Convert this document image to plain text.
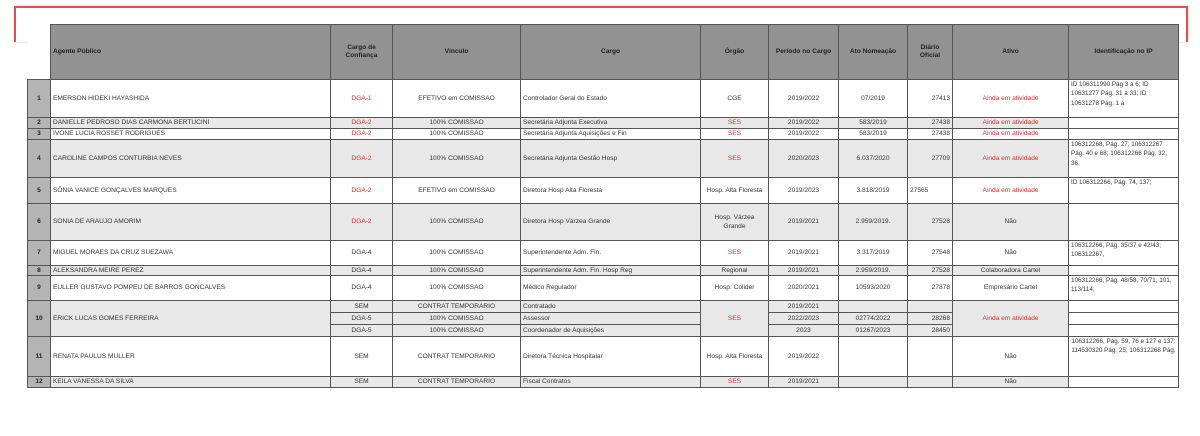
	Agente Público	Cargo de Confiança	Vínculo	Cargo	Órgão	Período no Cargo	Ato Nomeação	Diário Oficial	Ativo	Identificação no IP
1	EMERSON HIDEKI HAYASHIDA	DGA-1	EFETIVO em COMISSAO	Controlador Geral do Estado	CGE	2019/2022	07/2019	27413	Ainda em atividade	ID 106311990 Pág 3 a 6; ID 10631277 Pág. 31 a 33; ID 10631278 Pág. 1 a
2	DANIELLE PEDROSO DIAS CARMONA BERTUCINI	DGA-2	100% COMISSAO	Secretária Adjunta Executiva	SES	2019/2022	583/2019	27438	Ainda em atividade	
3	IVONE LUCIA ROSSET RODRIGUES	DGA-2	100% COMISSAO	Secretária Adjunta Aquisições e Fin	SES	2019/2022	583/2019	27438	Ainda em atividade	
4	CAROLINE CAMPOS CONTURBIA NEVES	DGA-2	100% COMISSAO	Secretária Adjunta Gestão Hosp	SES	2020/2023	6.037/2020	27709	Ainda em atividade	106312268, Pág. 27; 106312267 Pág. 40 e 68; 106312266 Pág. 32, 36,
5	SÔNIA VANICE GONÇALVES MARQUES	DGA-2	EFETIVO em COMISSAO	Diretora Hosp Alta Floresta	Hosp. Alta Floresta	2019/2023	3.818/2019	27565	Ainda em atividade	ID 106312266, Pág. 74, 137;
6	SONIA DE ARAUJO AMORIM	DGA-2	100% COMISSAO	Diretora Hosp Várzea Grande	Hosp. Várzea Grande	2019/2021	2.959/2019.	27528	Não	
7	MIGUEL MORAES DA CRUZ SUEZAWA	DGA-4	100% COMISSAO	Superintendente Adm. Fin.	SES	2019/2021	3.317/2019	27548	Não	106312266, Pág. 35/37 e 42/43; 106312267,
8	ALEKSANDRA MEIRE PEREZ	DGA-4	100% COMISSAO	Superintendente Adm. Fin. Hosp Reg	Regional	2019/2021	2.959/2019.	27528	Colaboradora Cartel	
9	EULLER GUSTAVO POMPEU DE BARROS GONCALVES	DGA-4	100% COMISSAO	Médico Regulador	Hosp. Colider	2020/2021	10593/2020	27878	Empresário Cartel	106312266, Pág. 48/58, 70/71, 101, 113/114;
10	ERICK LUCAS GOMES FERREIRA	SEM	CONTRAT TEMPORARIO	Contratado	SES	2019/2021			Ainda em atividade	
		DGA-5	100% COMISSAO	Assessor		2022/2023	02774/2022	28268		
		DGA-5	100% COMISSAO	Coordenador de Aquisições		2023	01267/2023	28450		
11	RENATA PAULUS MULLER	SEM	CONTRAT TEMPORARIO	Diretora Técnica Hospitalar	Hosp. Alta Floresta	2019/2022			Não	106312266, Pág. 59, 76 e 127 e 137; 114530320 Pág. 25; 106312268 Pág.
12	KEILA VANESSA DA SILVA	SEM	CONTRAT TEMPORARIO	Fiscal Contratos	SES	2019/2021			Não	
